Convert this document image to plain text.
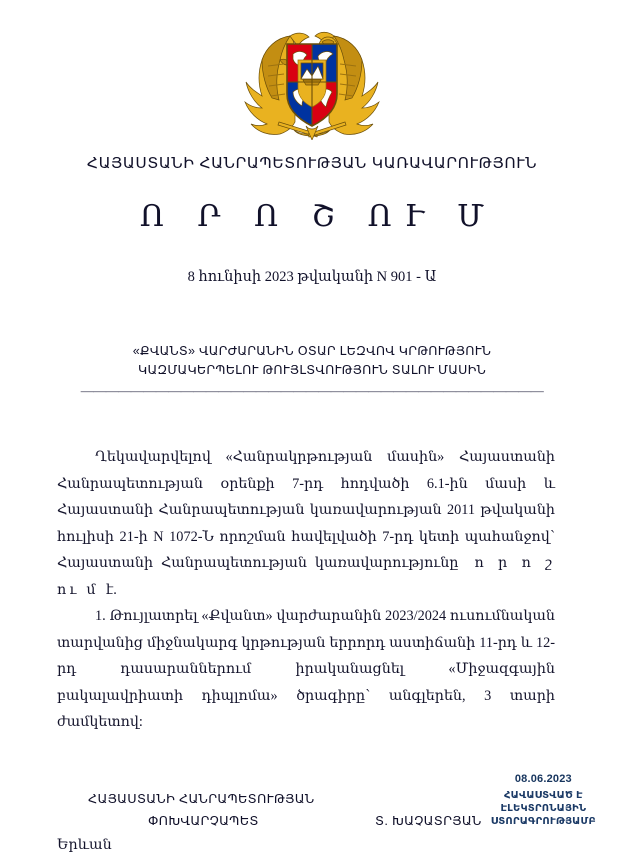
ՀԱՅԱՍՏԱՆԻ ՀԱՆՐԱՊԵՏՈՒԹՅԱՆ ԿԱՌԱՎԱՐՈՒԹՅՈՒՆ
Ո Ր Ո Շ ՈՒ Մ
8 հունիսի 2023 թվականի N 901 - Ա
«ՔՎԱՆՏ» ՎԱՐԺԱՐԱՆԻՆ ՕՏԱՐ ԼԵԶՎՈՎ ԿՐԹՈՒԹՅՈՒՆ
ԿԱԶՄԱԿԵՐՊԵԼՈՒ ԹՈՒՅԼՏՎՈՒԹՅՈՒՆ ՏԱԼՈՒ ՄԱՍԻՆ
—————————————————————————————————————

Ղեկավարվելով «Հանրակրթության մասին» Հայաստանի Հանրապետության օրենքի 7-րդ հոդվածի 6.1-ին մասի և Հայաստանի Հանրապետության կառավարության 2011 թվականի հուլիսի 21-ի N 1072-Ն որոշման հավելվածի 7-րդ կետի պահանջով՝ Հայաստանի Հանրապետության կառավարությունը ո ր ո շ ու մ է.

1. Թույլատրել «Քվանտ» վարժարանին 2023/2024 ուսումնական տարվանից միջնակարգ կրթության երրորդ աստիճանի 11-րդ և 12-րդ դասարաններում իրականացնել «Միջազգային բակալավրիատի դիպլոմա» ծրագիրը՝ անգլերեն, 3 տարի ժամկետով:

ՀԱՅԱՍՏԱՆԻ ՀԱՆՐԱՊԵՏՈՒԹՅԱՆ
ՓՈԽՎԱՐՉԱՊԵՏ	Տ. ԽԱՉԱՏՐՅԱՆ
Երևան
08.06.2023
ՀԱՎԱՍՏՎԱԾ Է
ԷԼԵԿՏՐՈՆԱՅԻՆ
ՍՏՈՐԱԳՐՈՒԹՅԱՄԲ
